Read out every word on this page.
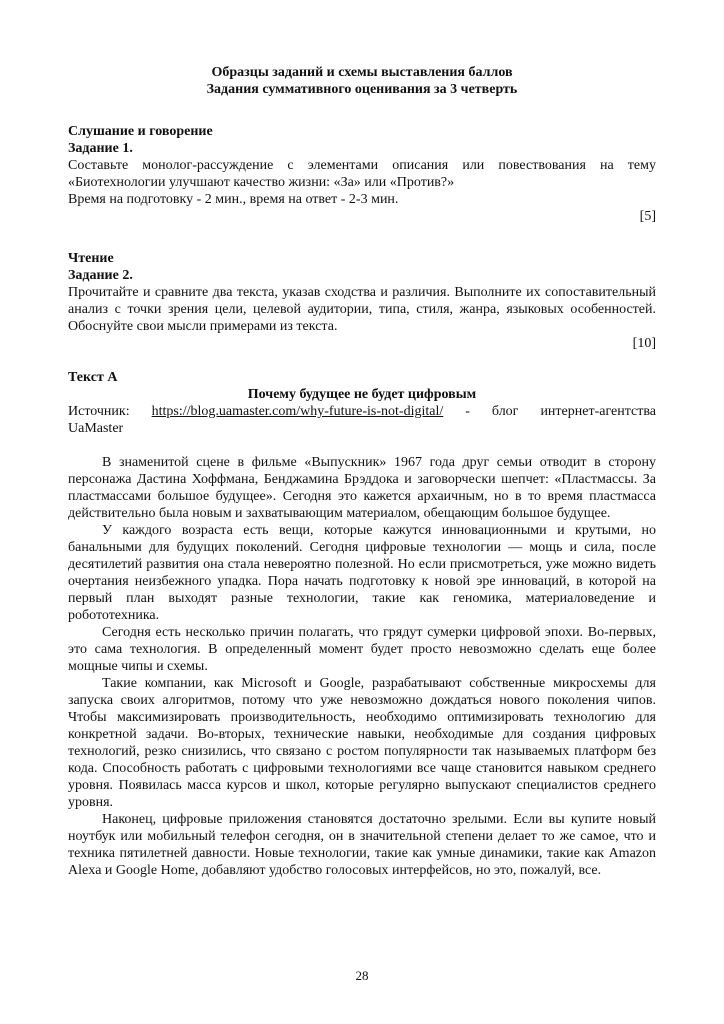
Образцы заданий и схемы выставления баллов

Задания суммативного оценивания за 3 четверть

Слушание и говорение

Задание 1.

Составьте монолог-рассуждение с элементами описания или повествования на тему «Биотехнологии улучшают качество жизни: «За» или «Против?»

Время на подготовку - 2 мин., время на ответ - 2-3 мин.

[5]

Чтение

Задание 2.

Прочитайте и сравните два текста, указав сходства и различия. Выполните их сопоставительный анализ с точки зрения цели, целевой аудитории, типа, стиля, жанра, языковых особенностей. Обоснуйте свои мысли примерами из текста.

[10]

Текст А

Почему будущее не будет цифровым

Источник: https://blog.uamaster.com/why-future-is-not-digital/ - блог интернет-агентства

UaMaster

В знаменитой сцене в фильме «Выпускник» 1967 года друг семьи отводит в сторону персонажа Дастина Хоффмана, Бенджамина Брэддока и заговорчески шепчет: «Пластмассы. За пластмассами большое будущее». Сегодня это кажется архаичным, но в то время пластмасса действительно была новым и захватывающим материалом, обещающим большое будущее.

У каждого возраста есть вещи, которые кажутся инновационными и крутыми, но банальными для будущих поколений. Сегодня цифровые технологии — мощь и сила, после десятилетий развития она стала невероятно полезной. Но если присмотреться, уже можно видеть очертания неизбежного упадка. Пора начать подготовку к новой эре инноваций, в которой на первый план выходят разные технологии, такие как геномика, материаловедение и робототехника.

Сегодня есть несколько причин полагать, что грядут сумерки цифровой эпохи. Во-первых, это сама технология. В определенный момент будет просто невозможно сделать еще более мощные чипы и схемы.

Такие компании, как Microsoft и Google, разрабатывают собственные микросхемы для запуска своих алгоритмов, потому что уже невозможно дождаться нового поколения чипов. Чтобы максимизировать производительность, необходимо оптимизировать технологию для конкретной задачи. Во-вторых, технические навыки, необходимые для создания цифровых технологий, резко снизились, что связано с ростом популярности так называемых платформ без кода. Способность работать с цифровыми технологиями все чаще становится навыком среднего уровня. Появилась масса курсов и школ, которые регулярно выпускают специалистов среднего уровня.

Наконец, цифровые приложения становятся достаточно зрелыми. Если вы купите новый ноутбук или мобильный телефон сегодня, он в значительной степени делает то же самое, что и техника пятилетней давности. Новые технологии, такие как умные динамики, такие как Amazon Alexa и Google Home, добавляют удобство голосовых интерфейсов, но это, пожалуй, все.

28
